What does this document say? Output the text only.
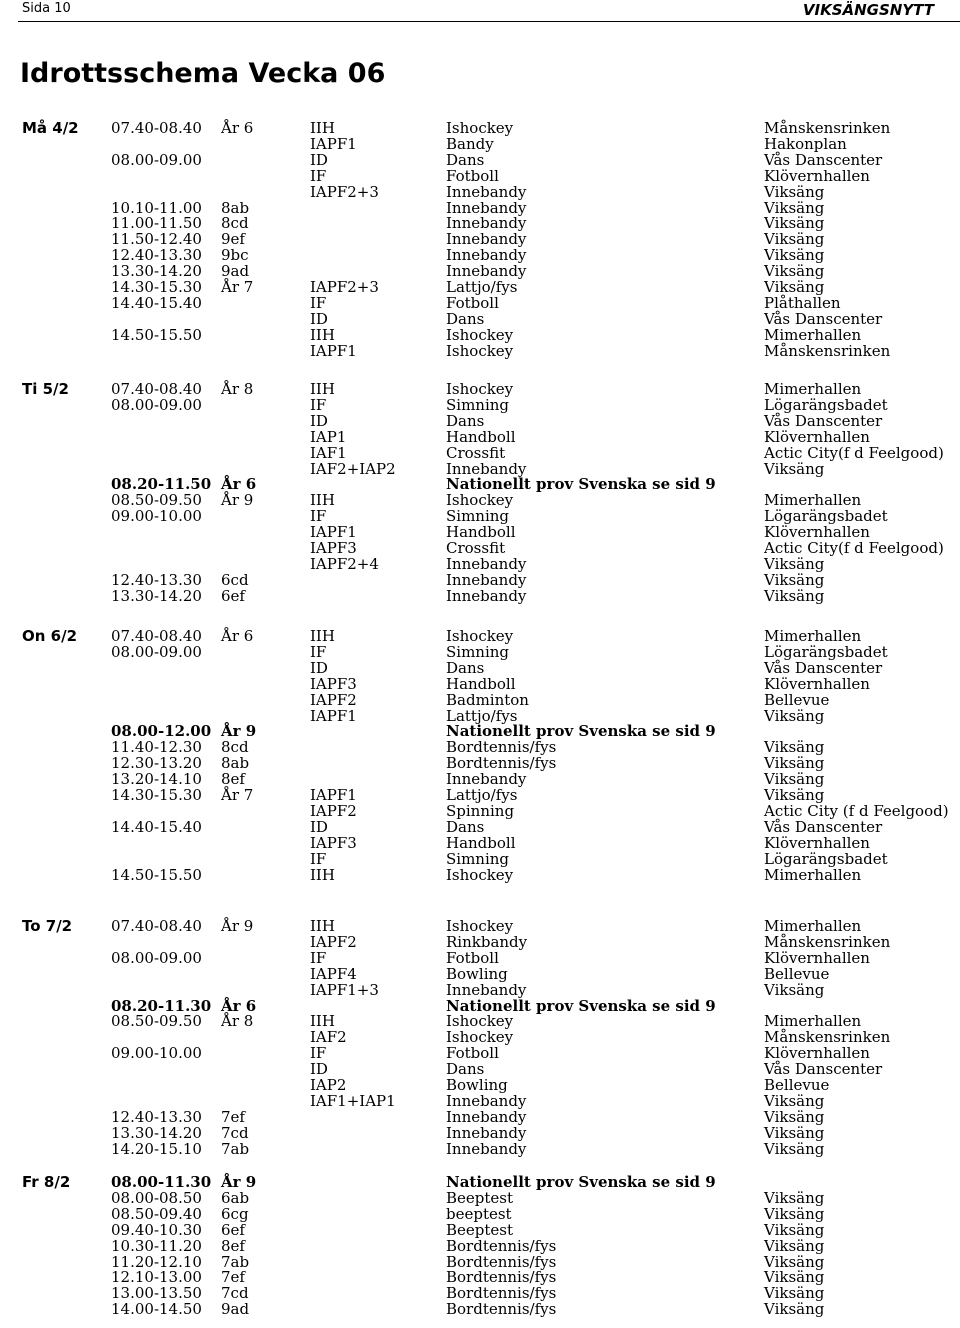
Sida 10	VIKSÄNGSNYTT
Idrottsschema Vecka 06
Må 4/2 07.40-08.40 År 6	IIH	Ishockey	Månskensrinken
IAPF1	Bandy	Hakonplan
08.00-09.00	ID	Dans	Vås Danscenter
IF	Fotboll	Klövernhallen
IAPF2+3	Innebandy	Viksäng
10.10-11.00 8ab	Innebandy	Viksäng
11.00-11.50 8cd	Innebandy	Viksäng
11.50-12.40 9ef	Innebandy	Viksäng
12.40-13.30 9bc	Innebandy	Viksäng
13.30-14.20 9ad	Innebandy	Viksäng
14.30-15.30 År 7	IAPF2+3	Lattjo/fys	Viksäng
14.40-15.40	IF	Fotboll	Plåthallen
ID	Dans	Vås Danscenter
14.50-15.50	IIH	Ishockey	Mimerhallen
IAPF1	Ishockey	Månskensrinken
Ti 5/2	07.40-08.40 År 8	IIH	Ishockey	Mimerhallen
08.00-09.00	IF	Simning	Lögarängsbadet
ID	Dans	Vås Danscenter
IAP1	Handboll	Klövernhallen
IAF1	Crossfit	Actic City(f d Feelgood)
IAF2+IAP2	Innebandy	Viksäng
08.20-11.50 År 6	Nationellt prov Svenska se sid 9
08.50-09.50 År 9	IIH	Ishockey	Mimerhallen
09.00-10.00	IF	Simning	Lögarängsbadet
IAPF1	Handboll	Klövernhallen
IAPF3	Crossfit	Actic City(f d Feelgood)
IAPF2+4	Innebandy	Viksäng
12.40-13.30 6cd	Innebandy	Viksäng
13.30-14.20 6ef	Innebandy	Viksäng
On 6/2 07.40-08.40 År 6	IIH	Ishockey	Mimerhallen
08.00-09.00	IF	Simning	Lögarängsbadet
ID	Dans	Vås Danscenter
IAPF3	Handboll	Klövernhallen
IAPF2	Badminton	Bellevue
IAPF1	Lattjo/fys	Viksäng
08.00-12.00 År 9	Nationellt prov Svenska se sid 9
11.40-12.30 8cd	Bordtennis/fys	Viksäng
12.30-13.20 8ab	Bordtennis/fys	Viksäng
13.20-14.10 8ef	Innebandy	Viksäng
14.30-15.30 År 7	IAPF1	Lattjo/fys	Viksäng
IAPF2	Spinning	Actic City (f d Feelgood)
14.40-15.40	ID	Dans	Vås Danscenter
IAPF3	Handboll	Klövernhallen
IF	Simning	Lögarängsbadet
14.50-15.50	IIH	Ishockey	Mimerhallen
To 7/2	07.40-08.40 År 9	IIH	Ishockey	Mimerhallen
IAPF2	Rinkbandy	Månskensrinken
08.00-09.00	IF	Fotboll	Klövernhallen
IAPF4	Bowling	Bellevue
IAPF1+3	Innebandy	Viksäng
08.20-11.30 År 6	Nationellt prov Svenska se sid 9
08.50-09.50 År 8	IIH	Ishockey	Mimerhallen
IAF2	Ishockey	Månskensrinken
09.00-10.00	IF	Fotboll	Klövernhallen
ID	Dans	Vås Danscenter
IAP2	Bowling	Bellevue
IAF1+IAP1	Innebandy	Viksäng
12.40-13.30 7ef	Innebandy	Viksäng
13.30-14.20 7cd	Innebandy	Viksäng
14.20-15.10 7ab	Innebandy	Viksäng
Fr 8/2	08.00-11.30 År 9	Nationellt prov Svenska se sid 9
08.00-08.50 6ab	Beeptest	Viksäng
08.50-09.40 6cg	beeptest	Viksäng
09.40-10.30 6ef	Beeptest	Viksäng
10.30-11.20 8ef	Bordtennis/fys	Viksäng
11.20-12.10 7ab	Bordtennis/fys	Viksäng
12.10-13.00 7ef	Bordtennis/fys	Viksäng
13.00-13.50 7cd	Bordtennis/fys	Viksäng
14.00-14.50 9ad	Bordtennis/fys	Viksäng
